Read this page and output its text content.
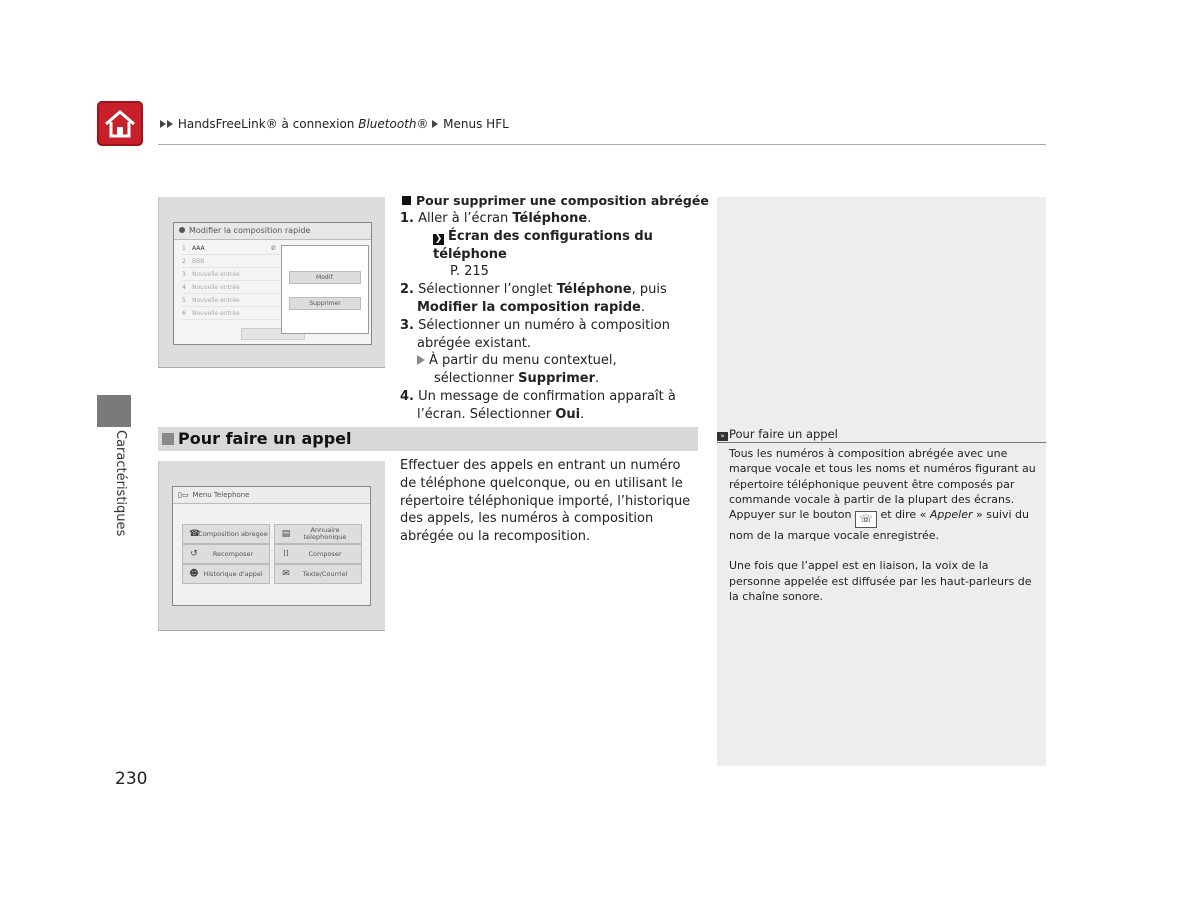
HandsFreeLink® à connexion Bluetooth® Menus HFL
Caractéristiques
Modifier la composition rapide
1 AAA	✆
2 BBB
3 Nouvelle entrée
4 Nouvelle entrée
5 Nouvelle entrée
6 Nouvelle entrée
Modif.
Supprimer
Pour supprimer une composition abrégée
1. Aller à l’écran Téléphone.
❯ Écran des configurations du téléphone
P. 215
2. Sélectionner l’onglet Téléphone, puis Modifier la composition rapide.
3. Sélectionner un numéro à composition abrégée existant.
À partir du menu contextuel, sélectionner Supprimer.
4. Un message de confirmation apparaît à l’écran. Sélectionner Oui.
Pour faire un appel
▯▭ Menu Telephone
☎
Composition abregee ▤	Annuaire telephonique
↺	Recomposer	⁞⁞	Composer
☻ Historique d'appel ✉	Texte/Courriel
Effectuer des appels en entrant un numéro de téléphone quelconque, ou en utilisant le répertoire téléphonique importé, l’historique des appels, les numéros à composition abrégée ou la recomposition.
» Pour faire un appel
Tous les numéros à composition abrégée avec une marque vocale et tous les noms et numéros figurant au répertoire téléphonique peuvent être composés par commande vocale à partir de la plupart des écrans.
Appuyer sur le bouton ☏ et dire « Appeler » suivi du nom de la marque vocale enregistrée.
Une fois que l’appel est en liaison, la voix de la personne appelée est diffusée par les haut-parleurs de la chaîne sonore.
230
